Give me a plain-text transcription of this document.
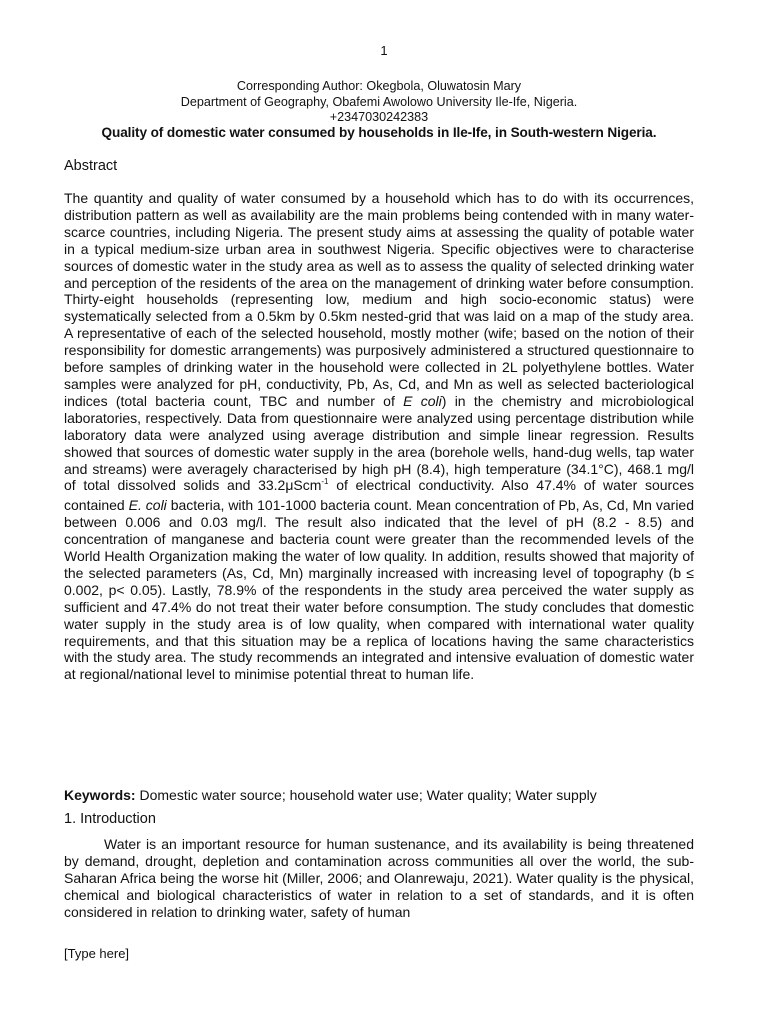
1
Corresponding Author: Okegbola, Oluwatosin Mary
Department of Geography, Obafemi Awolowo University Ile-Ife, Nigeria.
+2347030242383
Quality of domestic water consumed by households in Ile-Ife, in South-western Nigeria.
Abstract

The quantity and quality of water consumed by a household which has to do with its occurrences, distribution pattern as well as availability are the main problems being contended with in many water-scarce countries, including Nigeria. The present study aims at assessing the quality of potable water in a typical medium-size urban area in southwest Nigeria. Specific objectives were to characterise sources of domestic water in the study area as well as to assess the quality of selected drinking water and perception of the residents of the area on the management of drinking water before consumption. Thirty-eight households (representing low, medium and high socio-economic status) were systematically selected from a 0.5km by 0.5km nested-grid that was laid on a map of the study area. A representative of each of the selected household, mostly mother (wife; based on the notion of their responsibility for domestic arrangements) was purposively administered a structured questionnaire to before samples of drinking water in the household were collected in 2L polyethylene bottles. Water samples were analyzed for pH, conductivity, Pb, As, Cd, and Mn as well as selected bacteriological indices (total bacteria count, TBC and number of E coli) in the chemistry and microbiological laboratories, respectively. Data from questionnaire were analyzed using percentage distribution while laboratory data were analyzed using average distribution and simple linear regression. Results showed that sources of domestic water supply in the area (borehole wells, hand-dug wells, tap water and streams) were averagely characterised by high pH (8.4), high temperature (34.1°C), 468.1 mg/l of total dissolved solids and 33.2μScm$^{-1}$ of electrical conductivity. Also 47.4% of water sources contained E. coli bacteria, with 101-1000 bacteria count. Mean concentration of Pb, As, Cd, Mn varied between 0.006 and 0.03 mg/l. The result also indicated that the level of pH (8.2 - 8.5) and concentration of manganese and bacteria count were greater than the recommended levels of the World Health Organization making the water of low quality. In addition, results showed that majority of the selected parameters (As, Cd, Mn) marginally increased with increasing level of topography (b ≤ 0.002, p< 0.05). Lastly, 78.9% of the respondents in the study area perceived the water supply as sufficient and 47.4% do not treat their water before consumption. The study concludes that domestic water supply in the study area is of low quality, when compared with international water quality requirements, and that this situation may be a replica of locations having the same characteristics with the study area. The study recommends an integrated and intensive evaluation of domestic water at regional/national level to minimise potential threat to human life.

Keywords: Domestic water source; household water use; Water quality; Water supply

1. Introduction

Water is an important resource for human sustenance, and its availability is being threatened by demand, drought, depletion and contamination across communities all over the world, the sub-Saharan Africa being the worse hit (Miller, 2006; and Olanrewaju, 2021). Water quality is the physical, chemical and biological characteristics of water in relation to a set of standards, and it is often considered in relation to drinking water, safety of human

[Type here]
